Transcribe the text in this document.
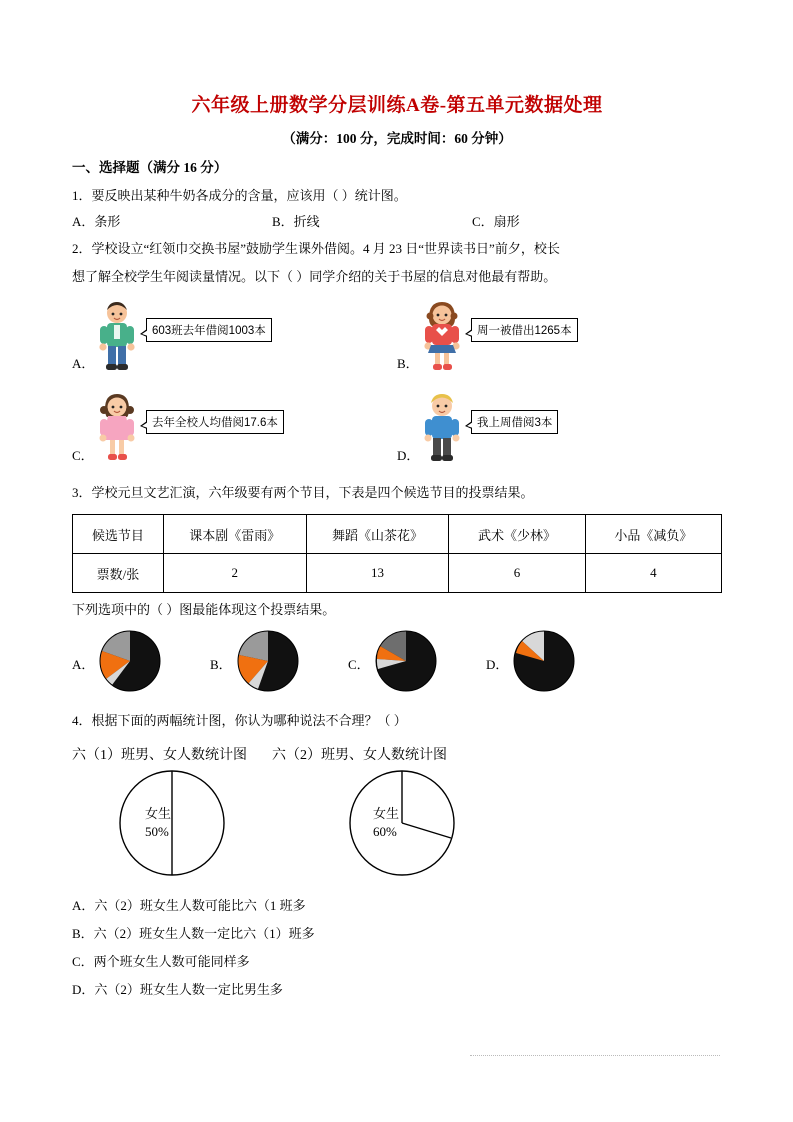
六年级上册数学分层训练A卷-第五单元数据处理
（满分：100 分，完成时间：60 分钟）
一、选择题（满分 16 分）
1．要反映出某种牛奶各成分的含量，应该用（ ）统计图。
A．条形	B．折线	C．扇形
2．学校设立“红领巾交换书屋”鼓励学生课外借阅。4 月 23 日“世界读书日”前夕，校长
想了解全校学生年阅读量情况。以下（ ）同学介绍的关于书屋的信息对他最有帮助。
A．
603班去年借阅1003本
B．
周一被借出1265本
C．
去年全校人均借阅17.6本
D．
我上周借阅3本
3．学校元旦文艺汇演，六年级要有两个节目，下表是四个候选节目的投票结果。
候选节目	课本剧《雷雨》	舞蹈《山茶花》	武术《少林》	小品《减负》
票数/张	2	13	6	4
下列选项中的（ ）图最能体现这个投票结果。
A．	B．	C．	D．
4．根据下面的两幅统计图，你认为哪种说法不合理？（ ）
六（1）班男、女人数统计图	六（2）班男、女人数统计图
女生
50%
女生
60%
A．六（2）班女生人数可能比六（1 班多
B．六（2）班女生人数一定比六（1）班多
C．两个班女生人数可能同样多
D．六（2）班女生人数一定比男生多
